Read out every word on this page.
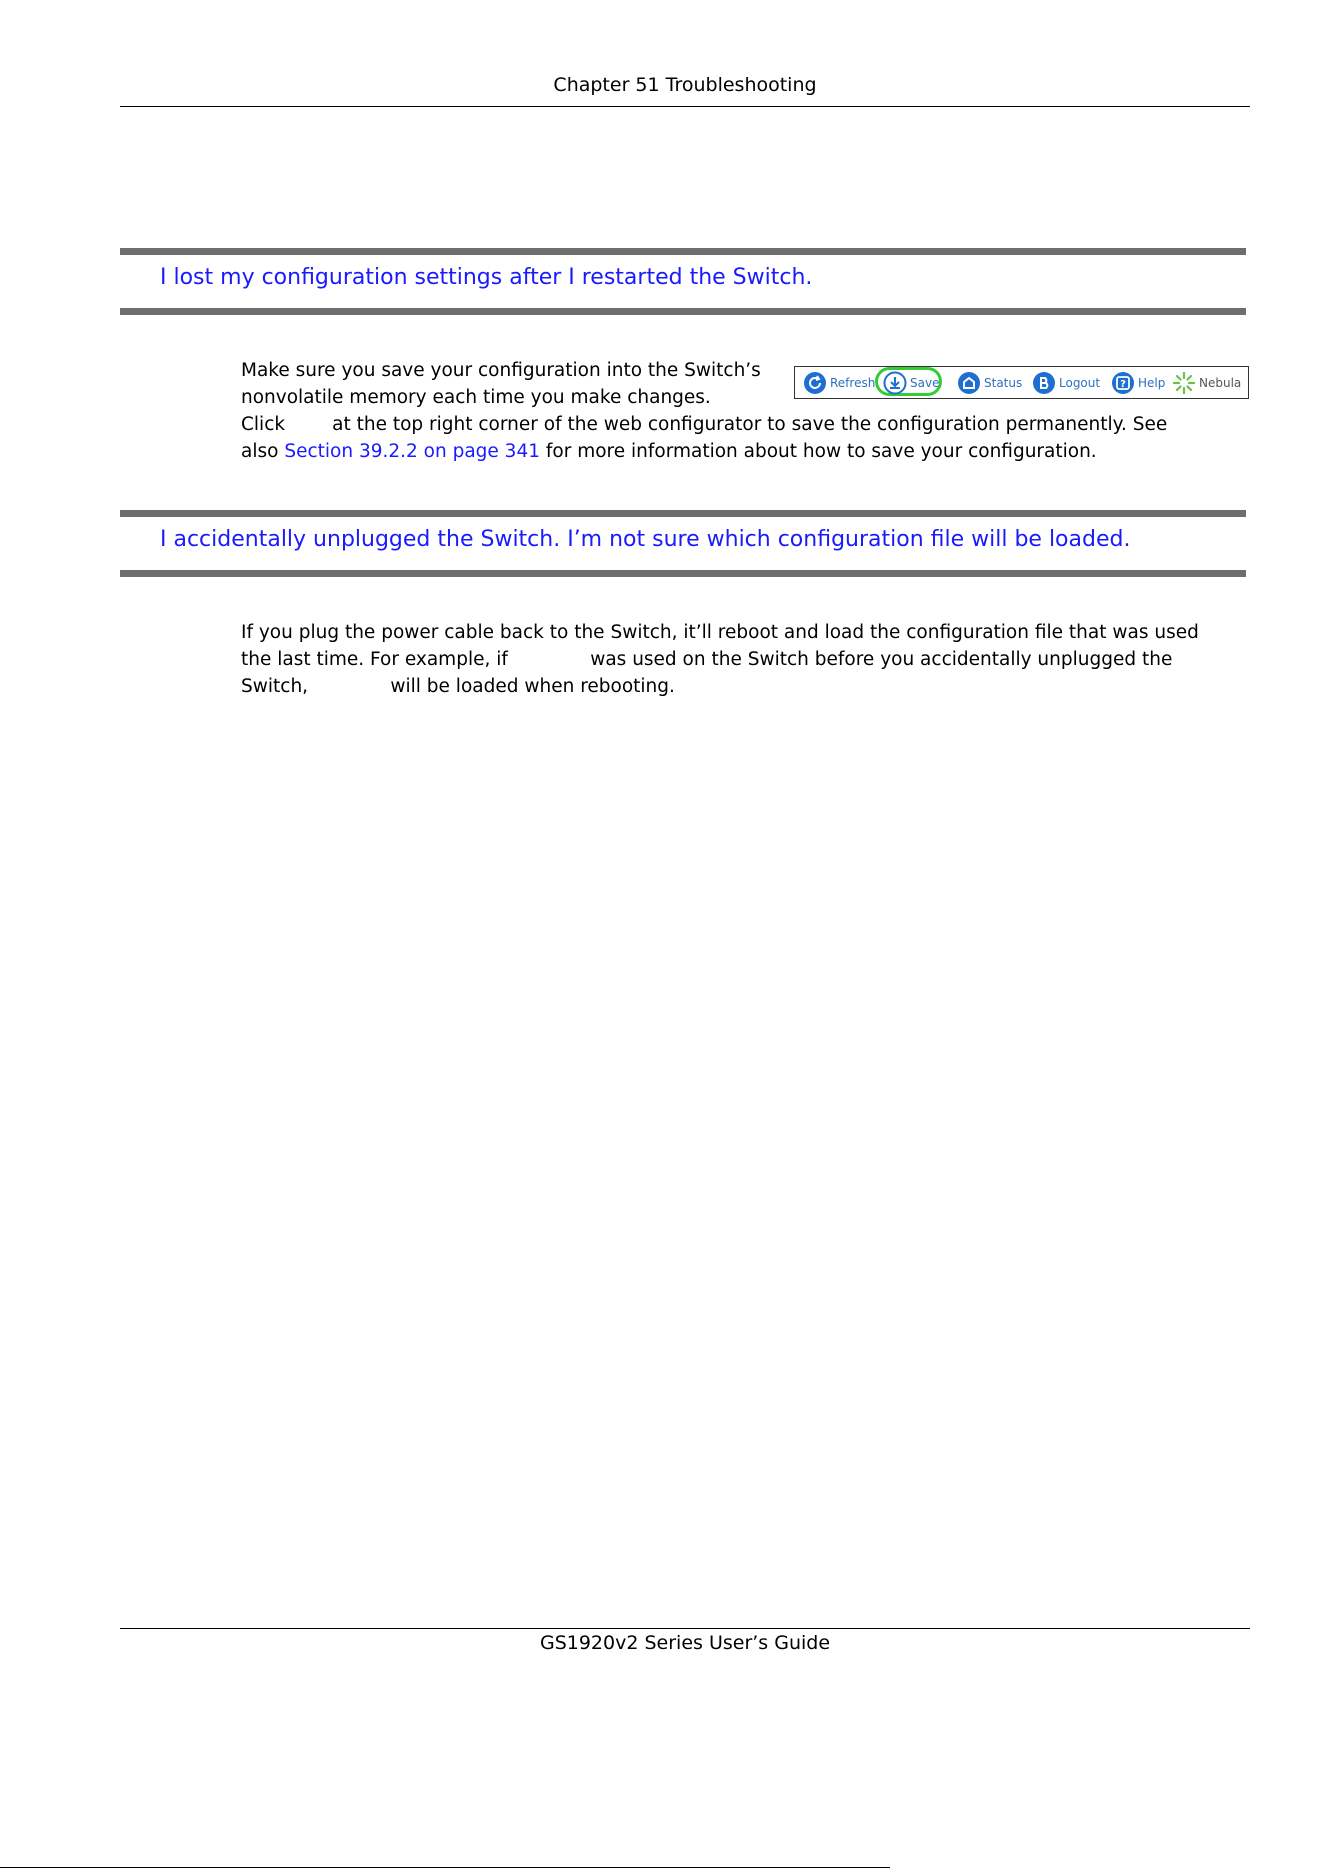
Chapter 51 Troubleshooting
I lost my configuration settings after I restarted the Switch.
Make sure you save your configuration into the Switch’s
nonvolatile memory each time you make changes.
Click        at the top right corner of the web configurator to save the configuration permanently. See
also Section 39.2.2 on page 341 for more information about how to save your configuration.
Refresh	Save	Status	Logout ? Help	Nebula
I accidentally unplugged the Switch. I’m not sure which configuration file will be loaded.
If you plug the power cable back to the Switch, it’ll reboot and load the configuration file that was used
the last time. For example, if              was used on the Switch before you accidentally unplugged the
Switch,              will be loaded when rebooting.
GS1920v2 Series User’s Guide
